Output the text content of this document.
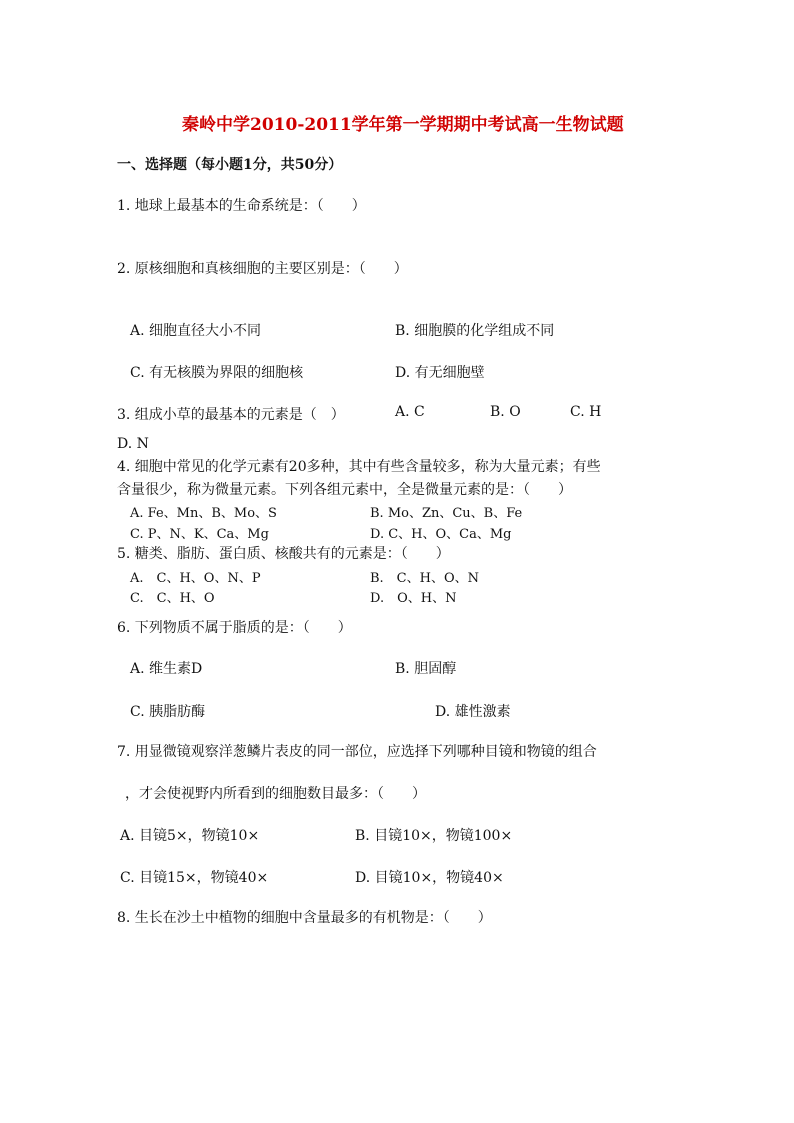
秦岭中学2010-2011学年第一学期期中考试高一生物试题
一、选择题（每小题1分，共50分）
1. 地球上最基本的生命系统是：（　　）
2. 原核细胞和真核细胞的主要区别是：（　　）
A. 细胞直径大小不同	B. 细胞膜的化学组成不同
C. 有无核膜为界限的细胞核	D. 有无细胞壁
3. 组成小草的最基本的元素是（　）	A. C	B. O	C. H
D. N
4. 细胞中常见的化学元素有20多种，其中有些含量较多，称为大量元素；有些
含量很少，称为微量元素。下列各组元素中，全是微量元素的是：（　　）
A. Fe、Mn、B、Mo、S	B. Mo、Zn、Cu、B、Fe
C. P、N、K、Ca、Mg	D. C、H、O、Ca、Mg
5. 糖类、脂肪、蛋白质、核酸共有的元素是：（　　）
A.　C、H、O、N、P	B.　C、H、O、N
C.　C、H、O	D.　O、H、N
6. 下列物质不属于脂质的是：（　　）
A. 维生素D	B. 胆固醇
C. 胰脂肪酶	D. 雄性激素
7. 用显微镜观察洋葱鳞片表皮的同一部位，应选择下列哪种目镜和物镜的组合
，才会使视野内所看到的细胞数目最多：（　　）
A. 目镜5×，物镜10×	B. 目镜10×，物镜100×
C. 目镜15×，物镜40×	D. 目镜10×，物镜40×
8. 生长在沙土中植物的细胞中含量最多的有机物是：（　　）
